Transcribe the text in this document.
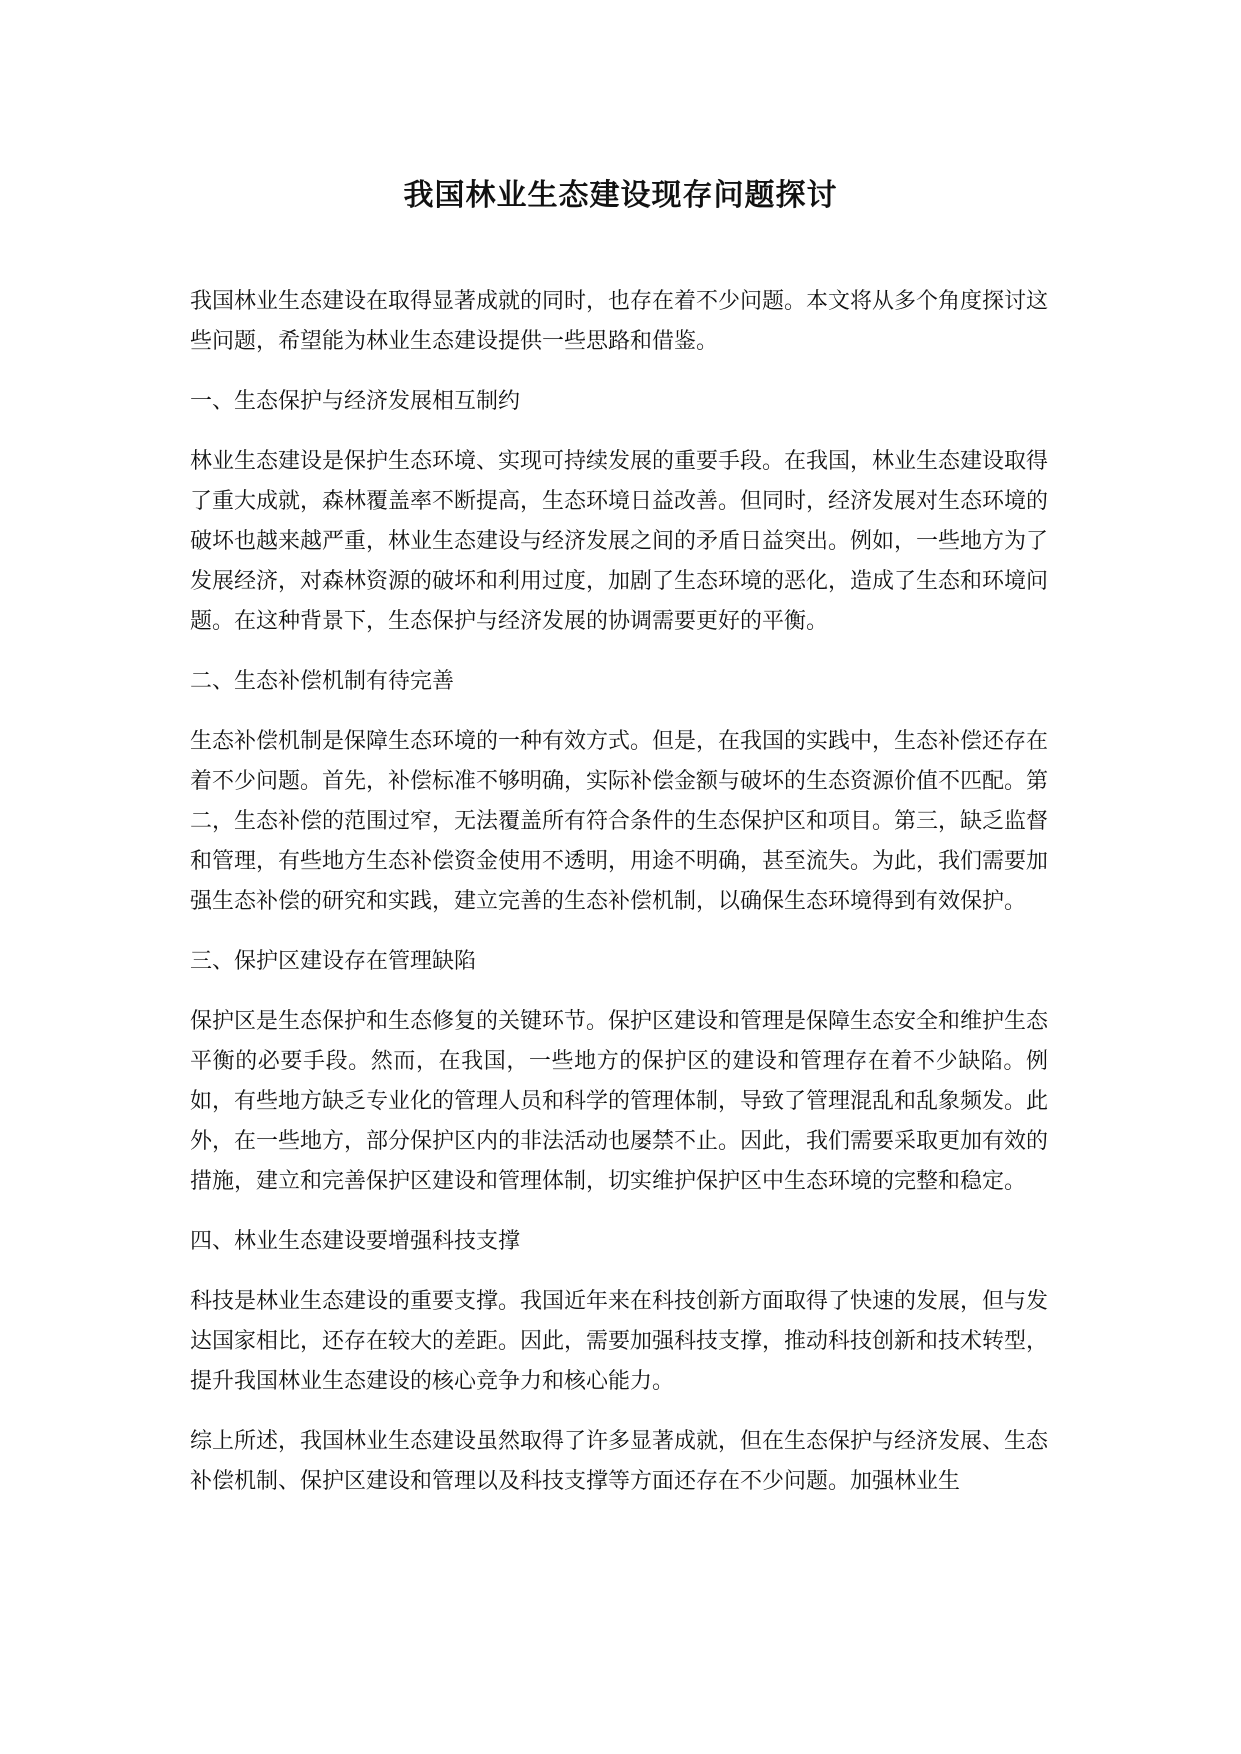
我国林业生态建设现存问题探讨

我国林业生态建设在取得显著成就的同时，也存在着不少问题。本文将从多个角度探讨这些问题，希望能为林业生态建设提供一些思路和借鉴。

一、生态保护与经济发展相互制约

林业生态建设是保护生态环境、实现可持续发展的重要手段。在我国，林业生态建设取得了重大成就，森林覆盖率不断提高，生态环境日益改善。但同时，经济发展对生态环境的破坏也越来越严重，林业生态建设与经济发展之间的矛盾日益突出。例如，一些地方为了发展经济，对森林资源的破坏和利用过度，加剧了生态环境的恶化，造成了生态和环境问题。在这种背景下，生态保护与经济发展的协调需要更好的平衡。

二、生态补偿机制有待完善

生态补偿机制是保障生态环境的一种有效方式。但是，在我国的实践中，生态补偿还存在着不少问题。首先，补偿标准不够明确，实际补偿金额与破坏的生态资源价值不匹配。第二，生态补偿的范围过窄，无法覆盖所有符合条件的生态保护区和项目。第三，缺乏监督和管理，有些地方生态补偿资金使用不透明，用途不明确，甚至流失。为此，我们需要加强生态补偿的研究和实践，建立完善的生态补偿机制，以确保生态环境得到有效保护。

三、保护区建设存在管理缺陷

保护区是生态保护和生态修复的关键环节。保护区建设和管理是保障生态安全和维护生态平衡的必要手段。然而，在我国，一些地方的保护区的建设和管理存在着不少缺陷。例如，有些地方缺乏专业化的管理人员和科学的管理体制，导致了管理混乱和乱象频发。此外，在一些地方，部分保护区内的非法活动也屡禁不止。因此，我们需要采取更加有效的措施，建立和完善保护区建设和管理体制，切实维护保护区中生态环境的完整和稳定。

四、林业生态建设要增强科技支撑

科技是林业生态建设的重要支撑。我国近年来在科技创新方面取得了快速的发展，但与发达国家相比，还存在较大的差距。因此，需要加强科技支撑，推动科技创新和技术转型，提升我国林业生态建设的核心竞争力和核心能力。

综上所述，我国林业生态建设虽然取得了许多显著成就，但在生态保护与经济发展、生态补偿机制、保护区建设和管理以及科技支撑等方面还存在不少问题。加强林业生
